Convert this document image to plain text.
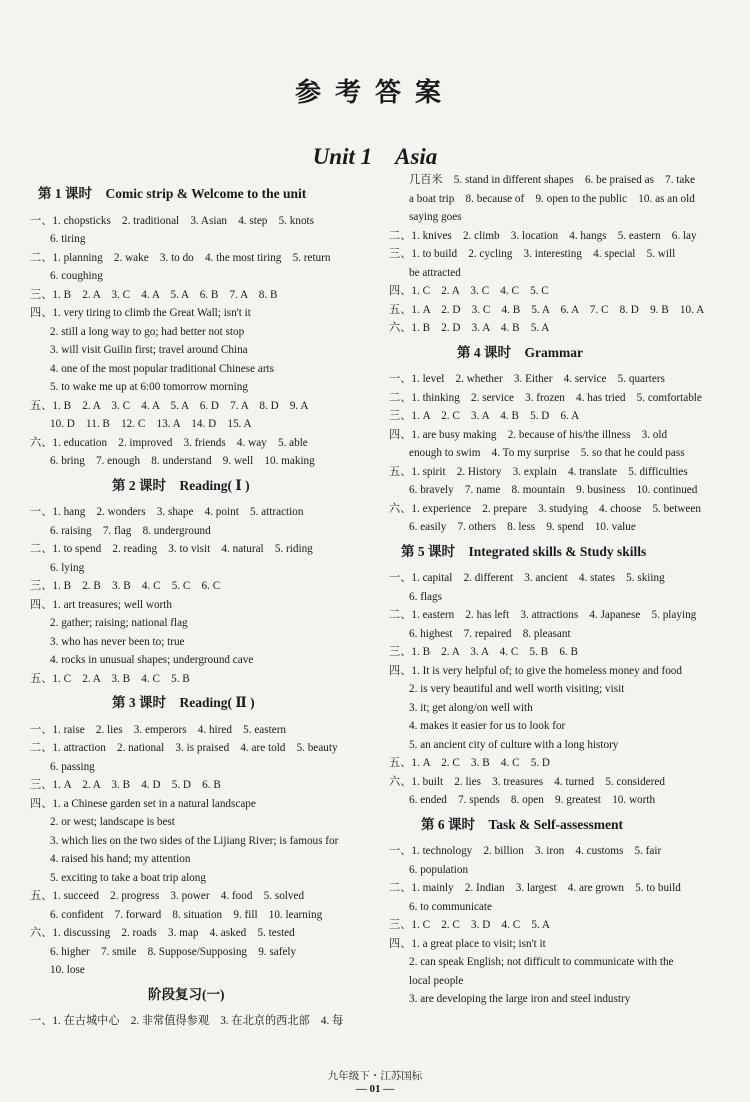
参考答案
Unit 1　Asia
第 1 课时　Comic strip & Welcome to the unit
一、1. chopsticks　2. traditional　3. Asian　4. step　5. knots
6. tiring
二、1. planning　2. wake　3. to do　4. the most tiring　5. return
6. coughing
三、1. B　2. A　3. C　4. A　5. A　6. B　7. A　8. B
四、1. very tiring to climb the Great Wall; isn't it
2. still a long way to go; had better not stop
3. will visit Guilin first; travel around China
4. one of the most popular traditional Chinese arts
5. to wake me up at 6:00 tomorrow morning
五、1. B　2. A　3. C　4. A　5. A　6. D　7. A　8. D　9. A
10. D　11. B　12. C　13. A　14. D　15. A
六、1. education　2. improved　3. friends　4. way　5. able
6. bring　7. enough　8. understand　9. well　10. making
第 2 课时　Reading( Ⅰ )
一、1. hang　2. wonders　3. shape　4. point　5. attraction
6. raising　7. flag　8. underground
二、1. to spend　2. reading　3. to visit　4. natural　5. riding
6. lying
三、1. B　2. B　3. B　4. C　5. C　6. C
四、1. art treasures; well worth
2. gather; raising; national flag
3. who has never been to; true
4. rocks in unusual shapes; underground cave
五、1. C　2. A　3. B　4. C　5. B
第 3 课时　Reading( Ⅱ )
一、1. raise　2. lies　3. emperors　4. hired　5. eastern
二、1. attraction　2. national　3. is praised　4. are told　5. beauty
6. passing
三、1. A　2. A　3. B　4. D　5. D　6. B
四、1. a Chinese garden set in a natural landscape
2. or west; landscape is best
3. which lies on the two sides of the Lijiang River; is famous for
4. raised his hand; my attention
5. exciting to take a boat trip along
五、1. succeed　2. progress　3. power　4. food　5. solved
6. confident　7. forward　8. situation　9. fill　10. learning
六、1. discussing　2. roads　3. map　4. asked　5. tested
6. higher　7. smile　8. Suppose/Supposing　9. safely
10. lose
阶段复习(一)
一、1. 在古城中心　2. 非常值得参观　3. 在北京的西北部　4. 每
几百米　5. stand in different shapes　6. be praised as　7. take
a boat trip　8. because of　9. open to the public　10. as an old
saying goes
二、1. knives　2. climb　3. location　4. hangs　5. eastern　6. lay
三、1. to build　2. cycling　3. interesting　4. special　5. will
be attracted
四、1. C　2. A　3. C　4. C　5. C
五、1. A　2. D　3. C　4. B　5. A　6. A　7. C　8. D　9. B　10. A
六、1. B　2. D　3. A　4. B　5. A
第 4 课时　Grammar
一、1. level　2. whether　3. Either　4. service　5. quarters
二、1. thinking　2. service　3. frozen　4. has tried　5. comfortable
三、1. A　2. C　3. A　4. B　5. D　6. A
四、1. are busy making　2. because of his/the illness　3. old
enough to swim　4. To my surprise　5. so that he could pass
五、1. spirit　2. History　3. explain　4. translate　5. difficulties
6. bravely　7. name　8. mountain　9. business　10. continued
六、1. experience　2. prepare　3. studying　4. choose　5. between
6. easily　7. others　8. less　9. spend　10. value
第 5 课时　Integrated skills & Study skills
一、1. capital　2. different　3. ancient　4. states　5. skiing
6. flags
二、1. eastern　2. has left　3. attractions　4. Japanese　5. playing
6. highest　7. repaired　8. pleasant
三、1. B　2. A　3. A　4. C　5. B　6. B
四、1. It is very helpful of; to give the homeless money and food
2. is very beautiful and well worth visiting; visit
3. it; get along/on well with
4. makes it easier for us to look for
5. an ancient city of culture with a long history
五、1. A　2. C　3. B　4. C　5. D
六、1. built　2. lies　3. treasures　4. turned　5. considered
6. ended　7. spends　8. open　9. greatest　10. worth
第 6 课时　Task & Self-assessment
一、1. technology　2. billion　3. iron　4. customs　5. fair
6. population
二、1. mainly　2. Indian　3. largest　4. are grown　5. to build
6. to communicate
三、1. C　2. C　3. D　4. C　5. A
四、1. a great place to visit; isn't it
2. can speak English; not difficult to communicate with the
local people
3. are developing the large iron and steel industry
九年级下・江苏国标
— 01 —
